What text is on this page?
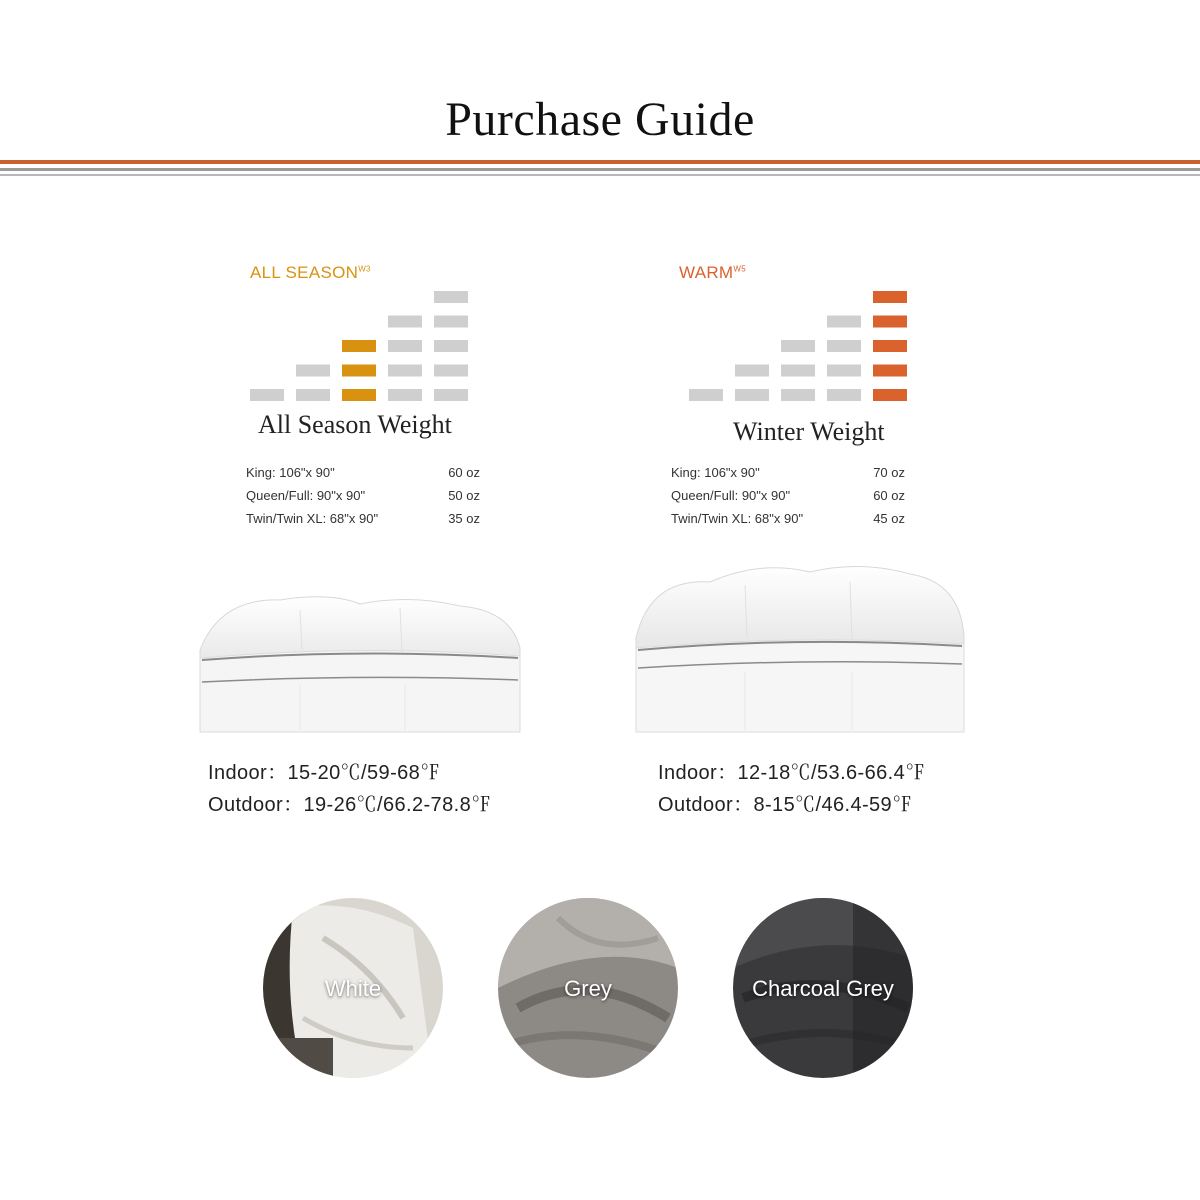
Purchase Guide
ALL $SEASON^{W3}$
All Season Weight
King: 106"x 90"	60 oz
Queen/Full: 90"x 90"	50 oz
Twin/Twin XL: 68"x 90"	35 oz
$WARM^{W5}$
Winter Weight
King: 106"x 90"	70 oz
Queen/Full: 90"x 90"	60 oz
Twin/Twin XL: 68"x 90"	45 oz
Indoor：15-20℃/59-68℉
Outdoor：19-26℃/66.2-78.8℉
Indoor：12-18℃/53.6-66.4℉
Outdoor：8-15℃/46.4-59℉
White	Grey	Charcoal Grey
